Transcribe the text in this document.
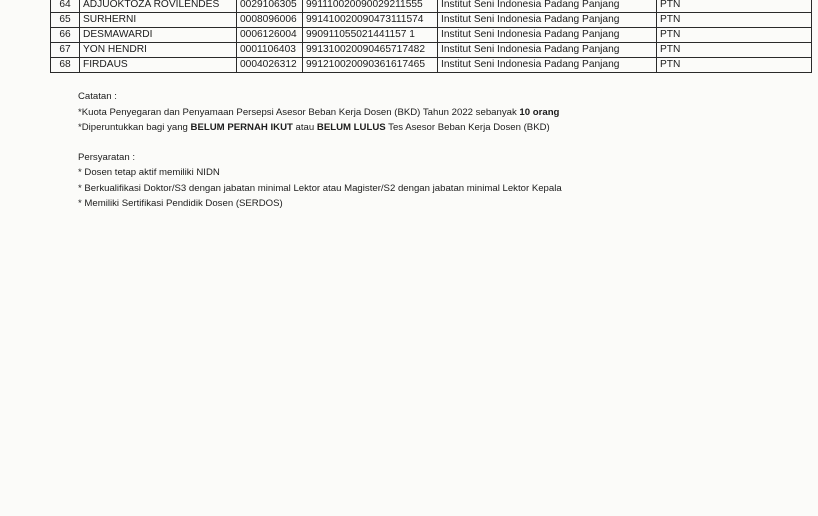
64	ADJUOKTOZA ROVILENDES	0029106305	991110020090029211555	Institut Seni Indonesia Padang Panjang	PTN
65	SURHERNI	0008096006	991410020090473111574	Institut Seni Indonesia Padang Panjang	PTN
66	DESMAWARDI	0006126004	990911055021441157 1	Institut Seni Indonesia Padang Panjang	PTN
67	YON HENDRI	0001106403	991310020090465717482	Institut Seni Indonesia Padang Panjang	PTN
68	FIRDAUS	0004026312	991210020090361617465	Institut Seni Indonesia Padang Panjang	PTN

Catatan :

*Kuota Penyegaran dan Penyamaan Persepsi Asesor Beban Kerja Dosen (BKD) Tahun 2022 sebanyak 10 orang

*Diperuntukkan bagi yang BELUM PERNAH IKUT atau BELUM LULUS Tes Asesor Beban Kerja Dosen (BKD)

Persyaratan :

* Dosen tetap aktif memiliki NIDN

* Berkualifikasi Doktor/S3 dengan jabatan minimal Lektor atau Magister/S2 dengan jabatan minimal Lektor Kepala

* Memiliki Sertifikasi Pendidik Dosen (SERDOS)
